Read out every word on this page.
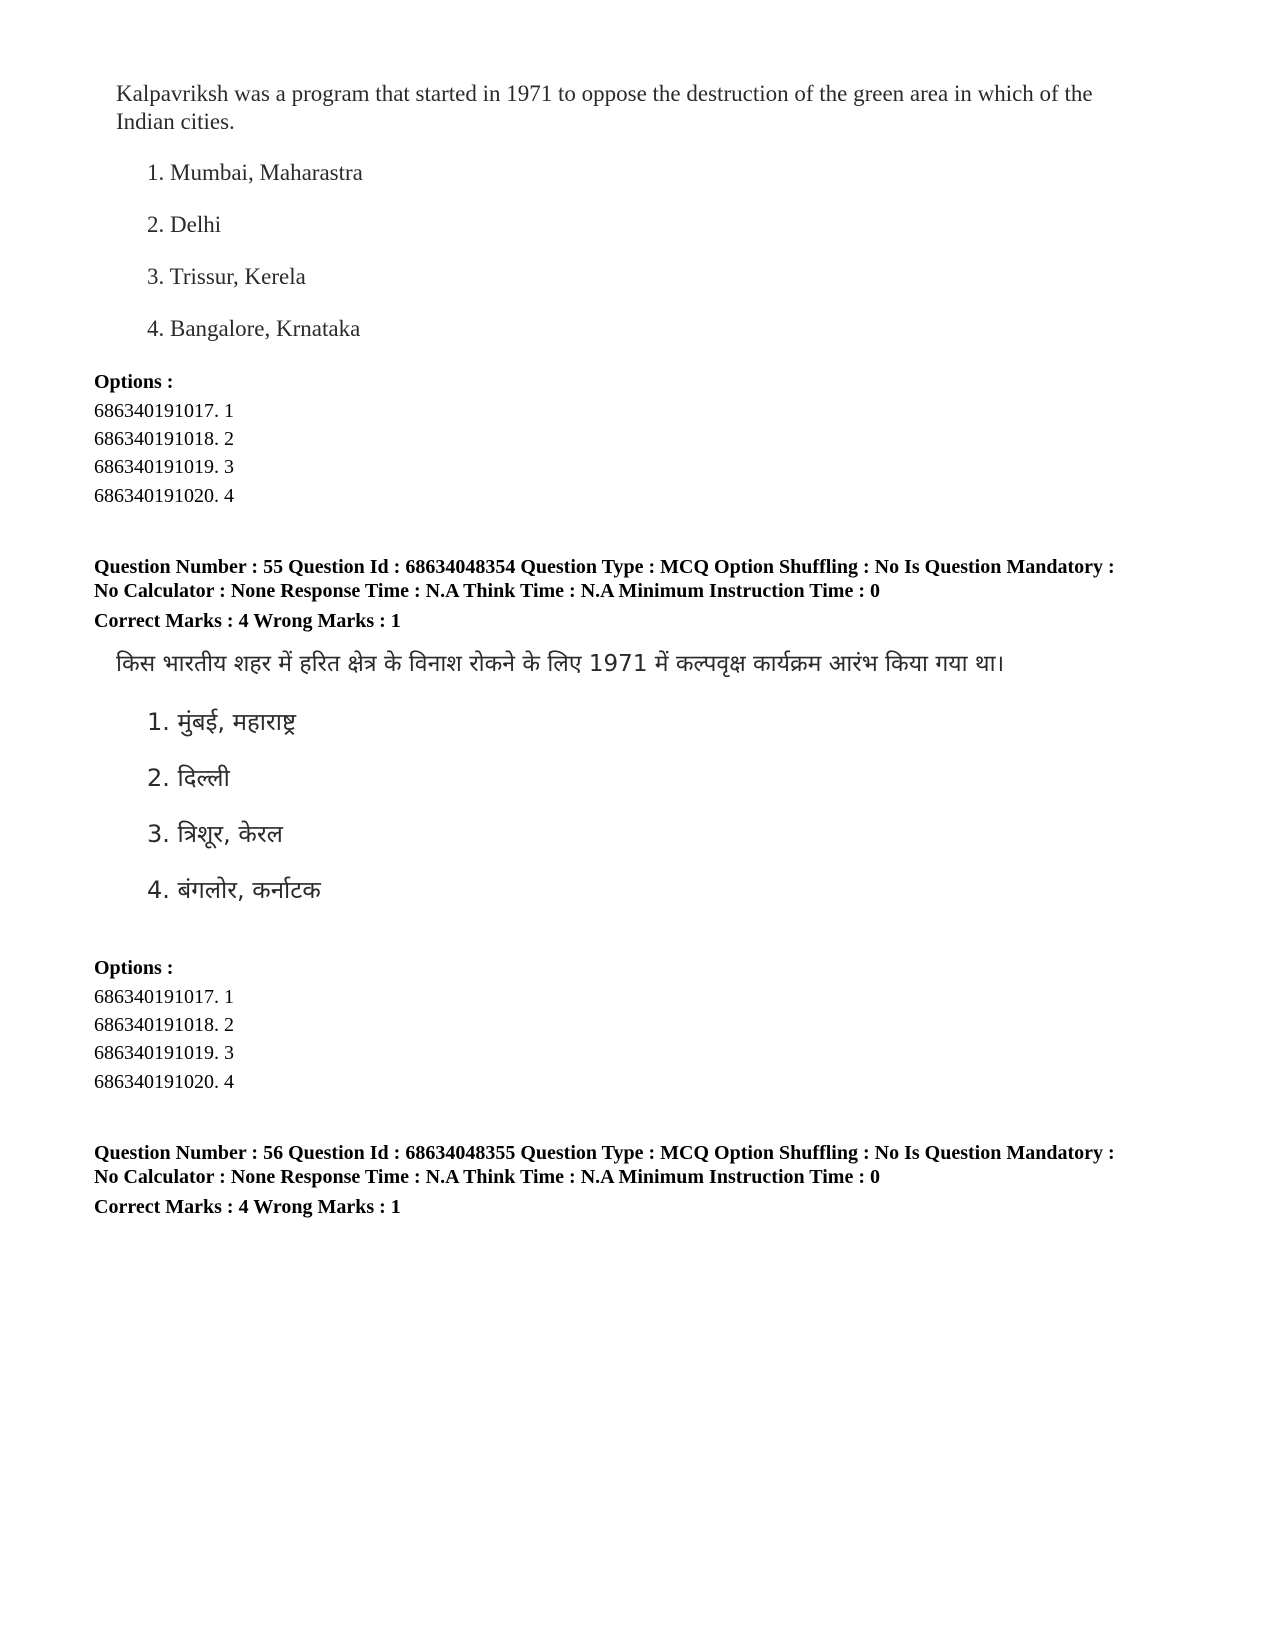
Kalpavriksh was a program that started in 1971 to oppose the destruction of the green area in which of the Indian cities.

1. Mumbai, Maharastra
2. Delhi
3. Trissur, Kerela
4. Bangalore, Krnataka
Options :
686340191017. 1
686340191018. 2
686340191019. 3
686340191020. 4
Question Number : 55 Question Id : 68634048354 Question Type : MCQ Option Shuffling : No Is Question Mandatory :
No Calculator : None Response Time : N.A Think Time : N.A Minimum Instruction Time : 0
Correct Marks : 4 Wrong Marks : 1

किस भारतीय शहर में हरित क्षेत्र के विनाश रोकने के लिए 1971 में कल्पवृक्ष कार्यक्रम आरंभ किया गया था।

1. मुंबई, महाराष्ट्र
2. दिल्ली
3. त्रिशूर, केरल
4. बंगलोर, कर्नाटक
Options :
686340191017. 1
686340191018. 2
686340191019. 3
686340191020. 4
Question Number : 56 Question Id : 68634048355 Question Type : MCQ Option Shuffling : No Is Question Mandatory :
No Calculator : None Response Time : N.A Think Time : N.A Minimum Instruction Time : 0
Correct Marks : 4 Wrong Marks : 1
